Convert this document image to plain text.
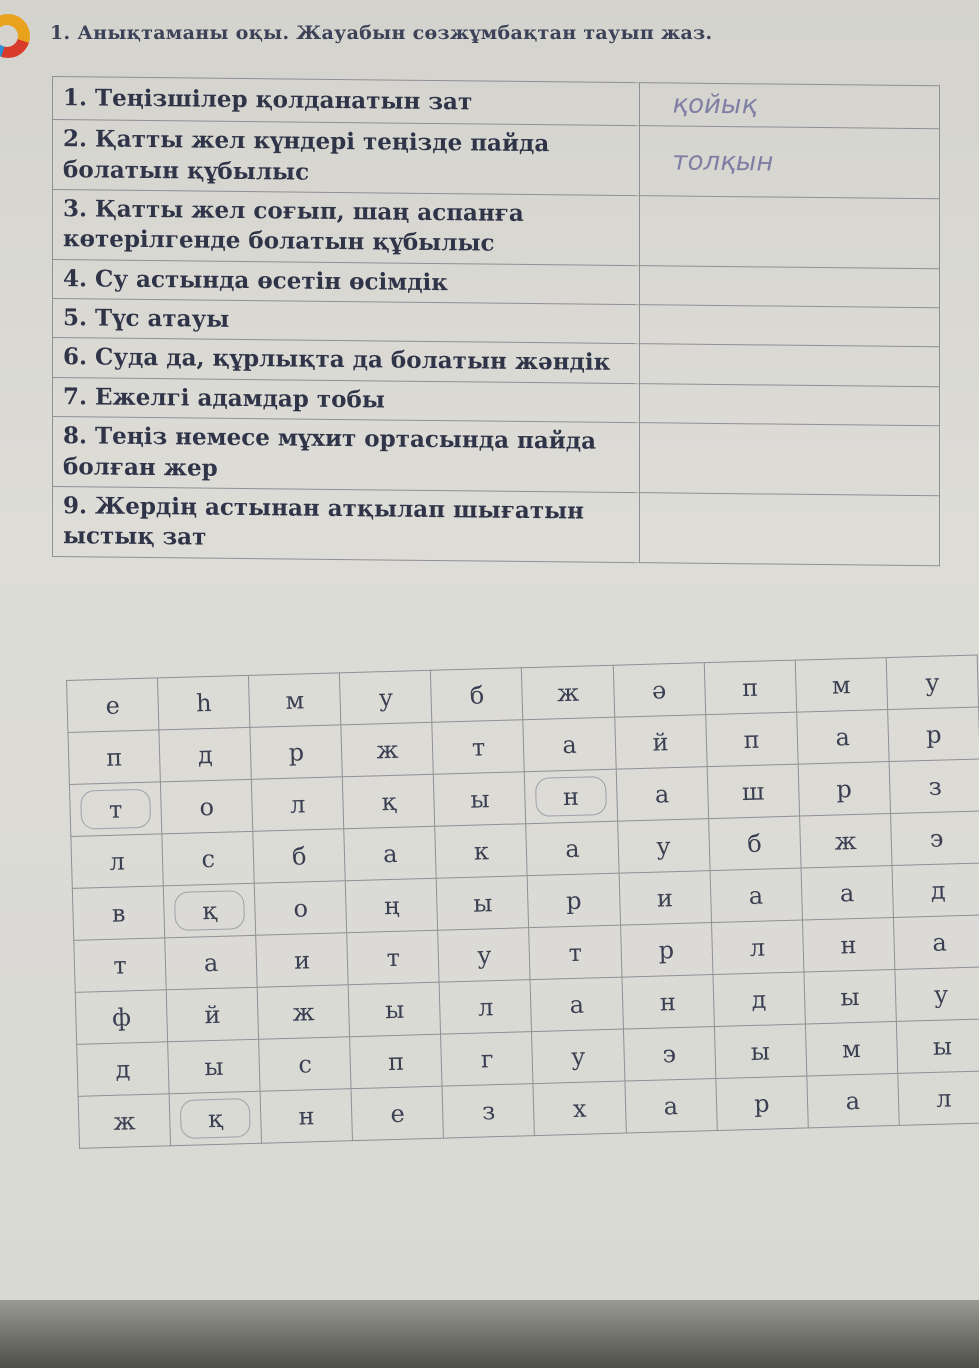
1. Анықтаманы оқы. Жауабын сөзжұмбақтан тауып жаз.
1. Теңізшілер қолданатын зат	қойық
2. Қатты жел күндері теңізде пайда болатын құбылыс	толқын
3. Қатты жел соғып, шаң аспанға көтерілгенде болатын құбылыс	
4. Су астында өсетін өсімдік	
5. Түс атауы	
6. Суда да, құрлықта да болатын жәндік	
7. Ежелгі адамдар тобы	
8. Теңіз немесе мұхит ортасында пайда болған жер	
9. Жердің астынан атқылап шығатын ыстық зат	
е	һ	м	у	б	ж	ә	п	м	у
п	д	р	ж	т	а	й	п	а	р
т	о	л	қ	ы	н	а	ш	р	з
л	с	б	а	к	а	у	б	ж	э
в	қ	о	ң	ы	р	и	а	а	д
т	а	и	т	у	т	р	л	н	а
ф	й	ж	ы	л	а	н	д	ы	у
д	ы	с	п	г	у	э	ы	м	ы
ж	қ	н	е	з	х	а	р	а	л
